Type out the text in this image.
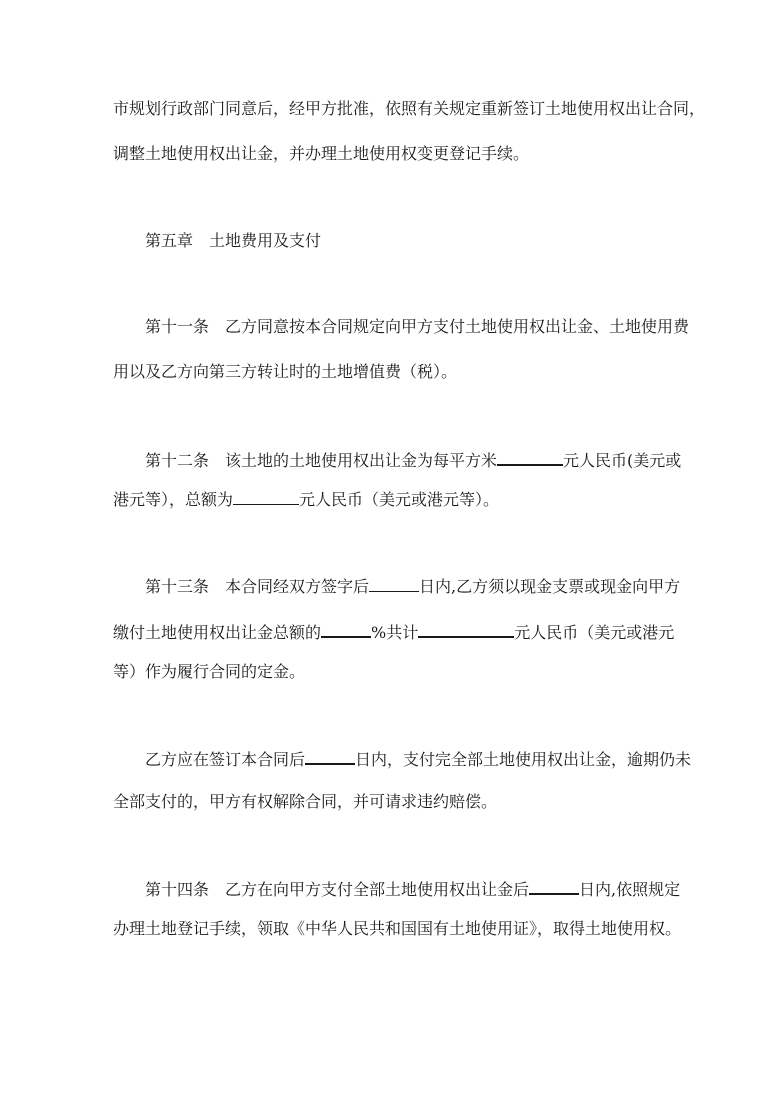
市规划行政部门同意后，经甲方批准，依照有关规定重新签订土地使用权出让合同，
调整土地使用权出让金，并办理土地使用权变更登记手续。
第五章　土地费用及支付
第十一条　乙方同意按本合同规定向甲方支付土地使用权出让金、土地使用费
用以及乙方向第三方转让时的土地增值费（税）。
第十二条　该土地的土地使用权出让金为每平方米	元人民币(美元或
港元等），总额为	元人民币（美元或港元等）。
第十三条　本合同经双方签字后	日内,乙方须以现金支票或现金向甲方
缴付土地使用权出让金总额的	%共计	元人民币（美元或港元
等）作为履行合同的定金。
乙方应在签订本合同后	日内，支付完全部土地使用权出让金，逾期仍未
全部支付的，甲方有权解除合同，并可请求违约赔偿。
第十四条　乙方在向甲方支付全部土地使用权出让金后	日内,依照规定
办理土地登记手续，领取《中华人民共和国国有土地使用证》，取得土地使用权。
